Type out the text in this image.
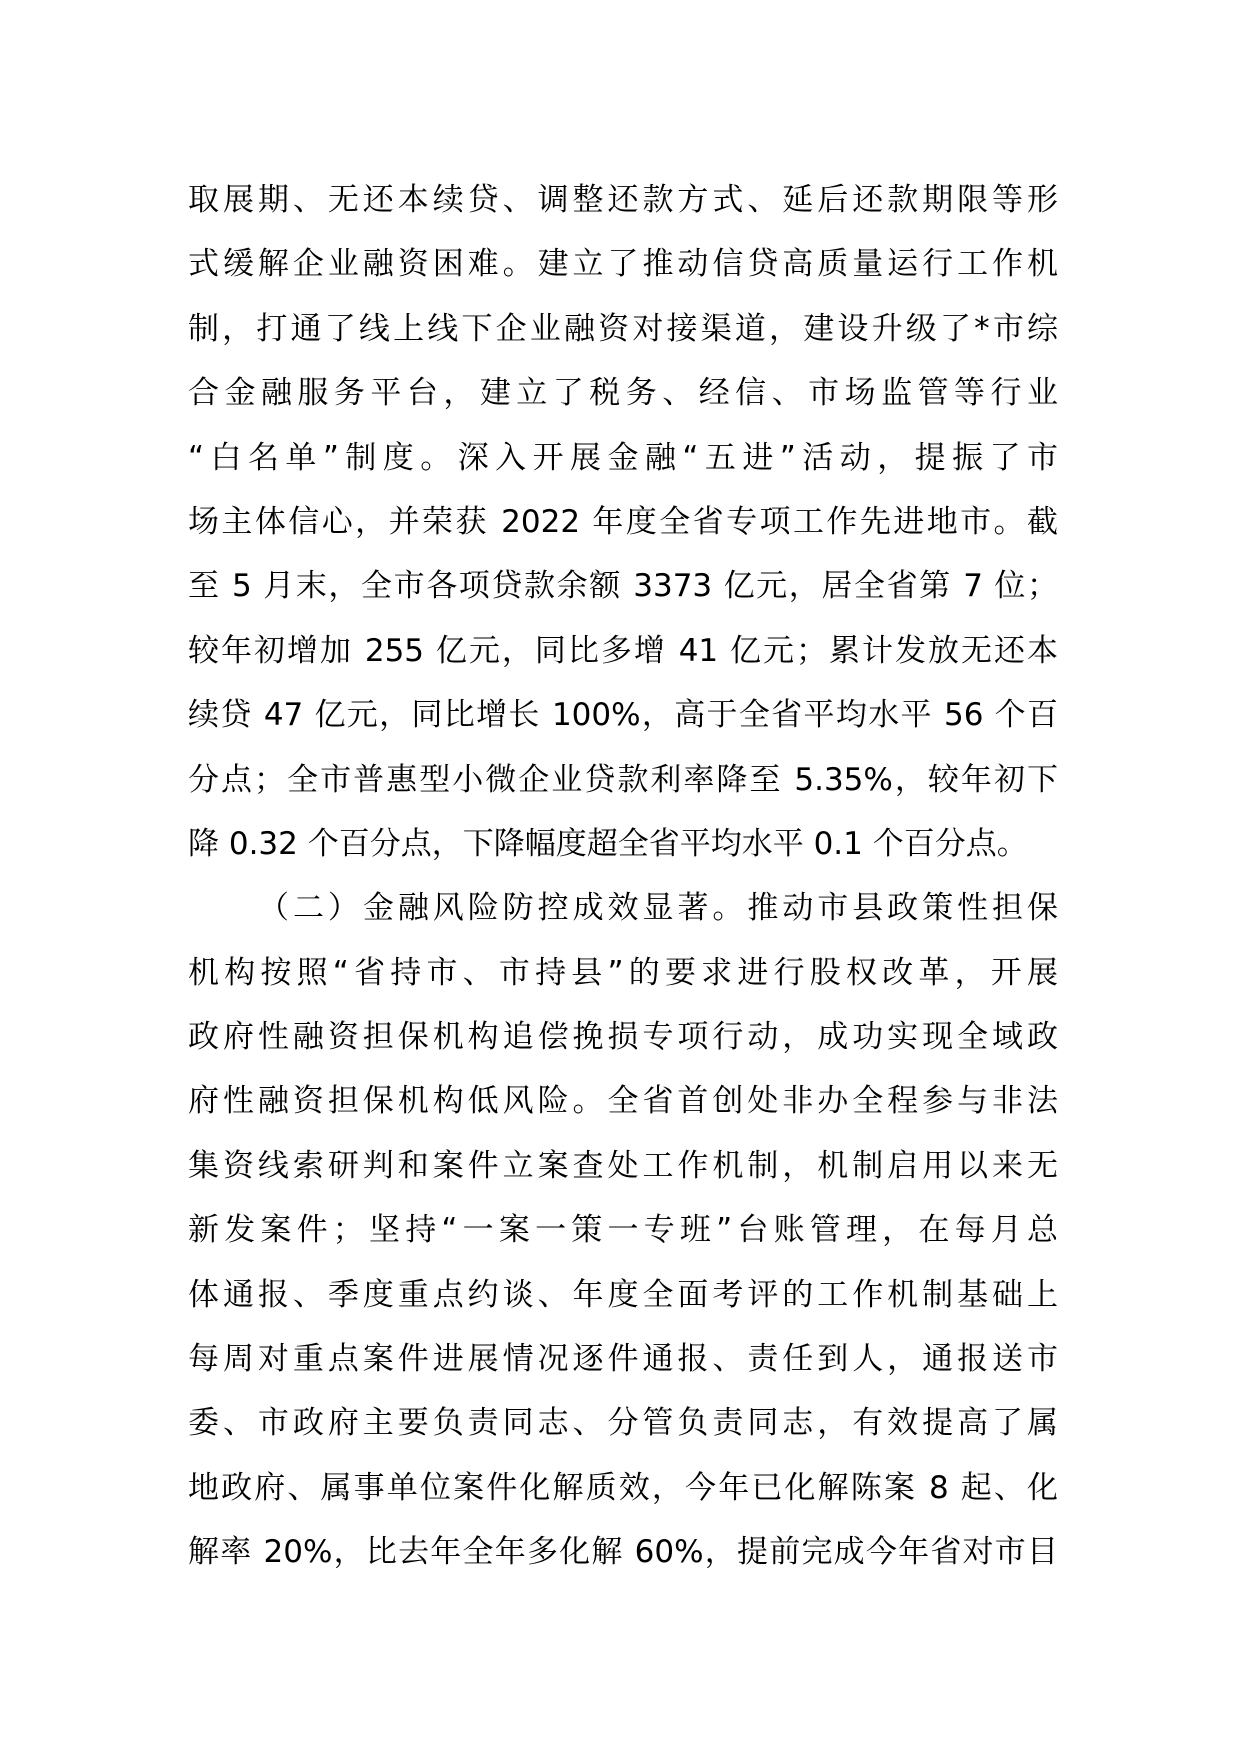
取展期、无还本续贷、调整还款方式、延后还款期限等形
式缓解企业融资困难。建立了推动信贷高质量运行工作机
制，打通了线上线下企业融资对接渠道，建设升级了*市综
合金融服务平台，建立了税务、经信、市场监管等行业
“白名单”制度。深入开展金融“五进”活动，提振了市
场主体信心，并荣获 2022 年度全省专项工作先进地市。截
至 5 月末，全市各项贷款余额 3373 亿元，居全省第 7 位；
较年初增加 255 亿元，同比多增 41 亿元；累计发放无还本
续贷 47 亿元，同比增长 100%，高于全省平均水平 56 个百
分点；全市普惠型小微企业贷款利率降至 5.35%，较年初下
降 0.32 个百分点，下降幅度超全省平均水平 0.1 个百分点。
（二）金融风险防控成效显著。推动市县政策性担保
机构按照“省持市、市持县”的要求进行股权改革，开展
政府性融资担保机构追偿挽损专项行动，成功实现全域政
府性融资担保机构低风险。全省首创处非办全程参与非法
集资线索研判和案件立案查处工作机制，机制启用以来无
新发案件；坚持“一案一策一专班”台账管理，在每月总
体通报、季度重点约谈、年度全面考评的工作机制基础上
每周对重点案件进展情况逐件通报、责任到人，通报送市
委、市政府主要负责同志、分管负责同志，有效提高了属
地政府、属事单位案件化解质效，今年已化解陈案 8 起、化
解率 20%，比去年全年多化解 60%，提前完成今年省对市目
